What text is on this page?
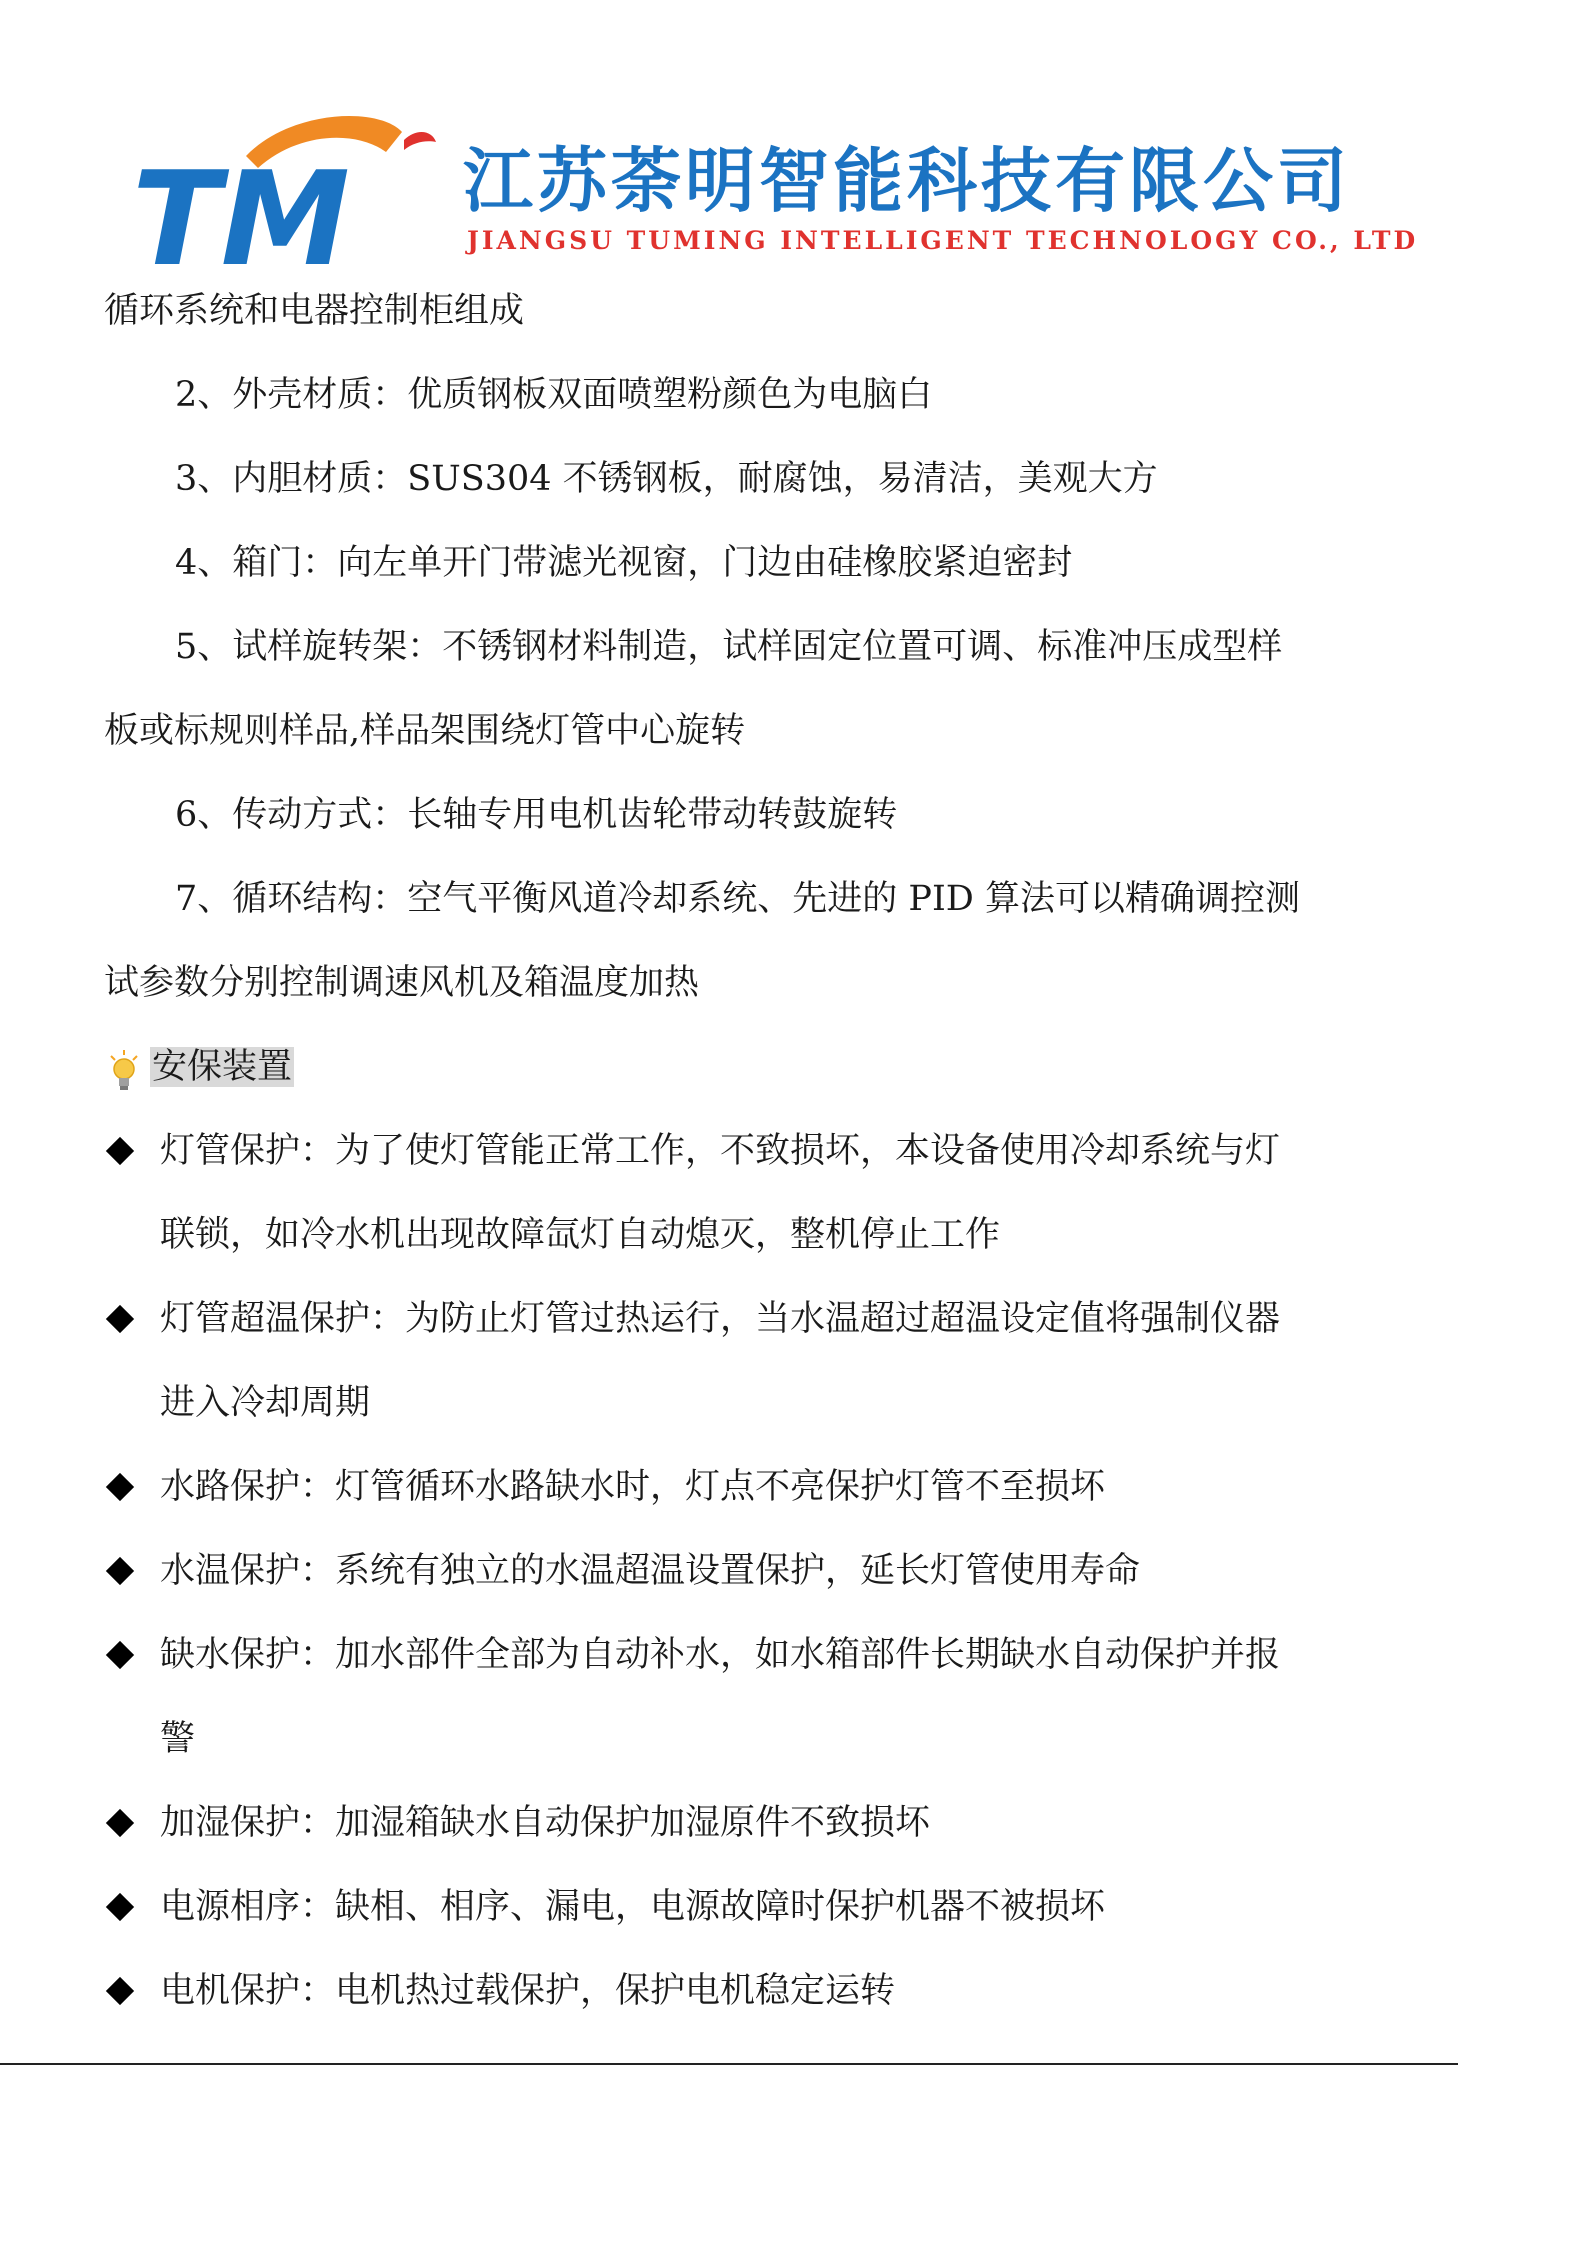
TM 江苏荼明智能科技有限公司

JIANGSU TUMING INTELLIGENT TECHNOLOGY CO., LTD

循环系统和电器控制柜组成
2、外壳材质：优质钢板双面喷塑粉颜色为电脑白
3、内胆材质：SUS304 不锈钢板，耐腐蚀，易清洁，美观大方
4、箱门：向左单开门带滤光视窗，门边由硅橡胶紧迫密封
5、试样旋转架：不锈钢材料制造，试样固定位置可调、标准冲压成型样
板或标规则样品,样品架围绕灯管中心旋转
6、传动方式：长轴专用电机齿轮带动转鼓旋转
7、循环结构：空气平衡风道冷却系统、先进的 PID 算法可以精确调控测
试参数分别控制调速风机及箱温度加热
安保装置
灯管保护：为了使灯管能正常工作，不致损坏，本设备使用冷却系统与灯
联锁，如冷水机出现故障氙灯自动熄灭，整机停止工作
灯管超温保护：为防止灯管过热运行，当水温超过超温设定值将强制仪器
进入冷却周期
水路保护：灯管循环水路缺水时，灯点不亮保护灯管不至损坏
水温保护：系统有独立的水温超温设置保护，延长灯管使用寿命
缺水保护：加水部件全部为自动补水，如水箱部件长期缺水自动保护并报
警
加湿保护：加湿箱缺水自动保护加湿原件不致损坏
电源相序：缺相、相序、漏电，电源故障时保护机器不被损坏
电机保护：电机热过载保护，保护电机稳定运转
